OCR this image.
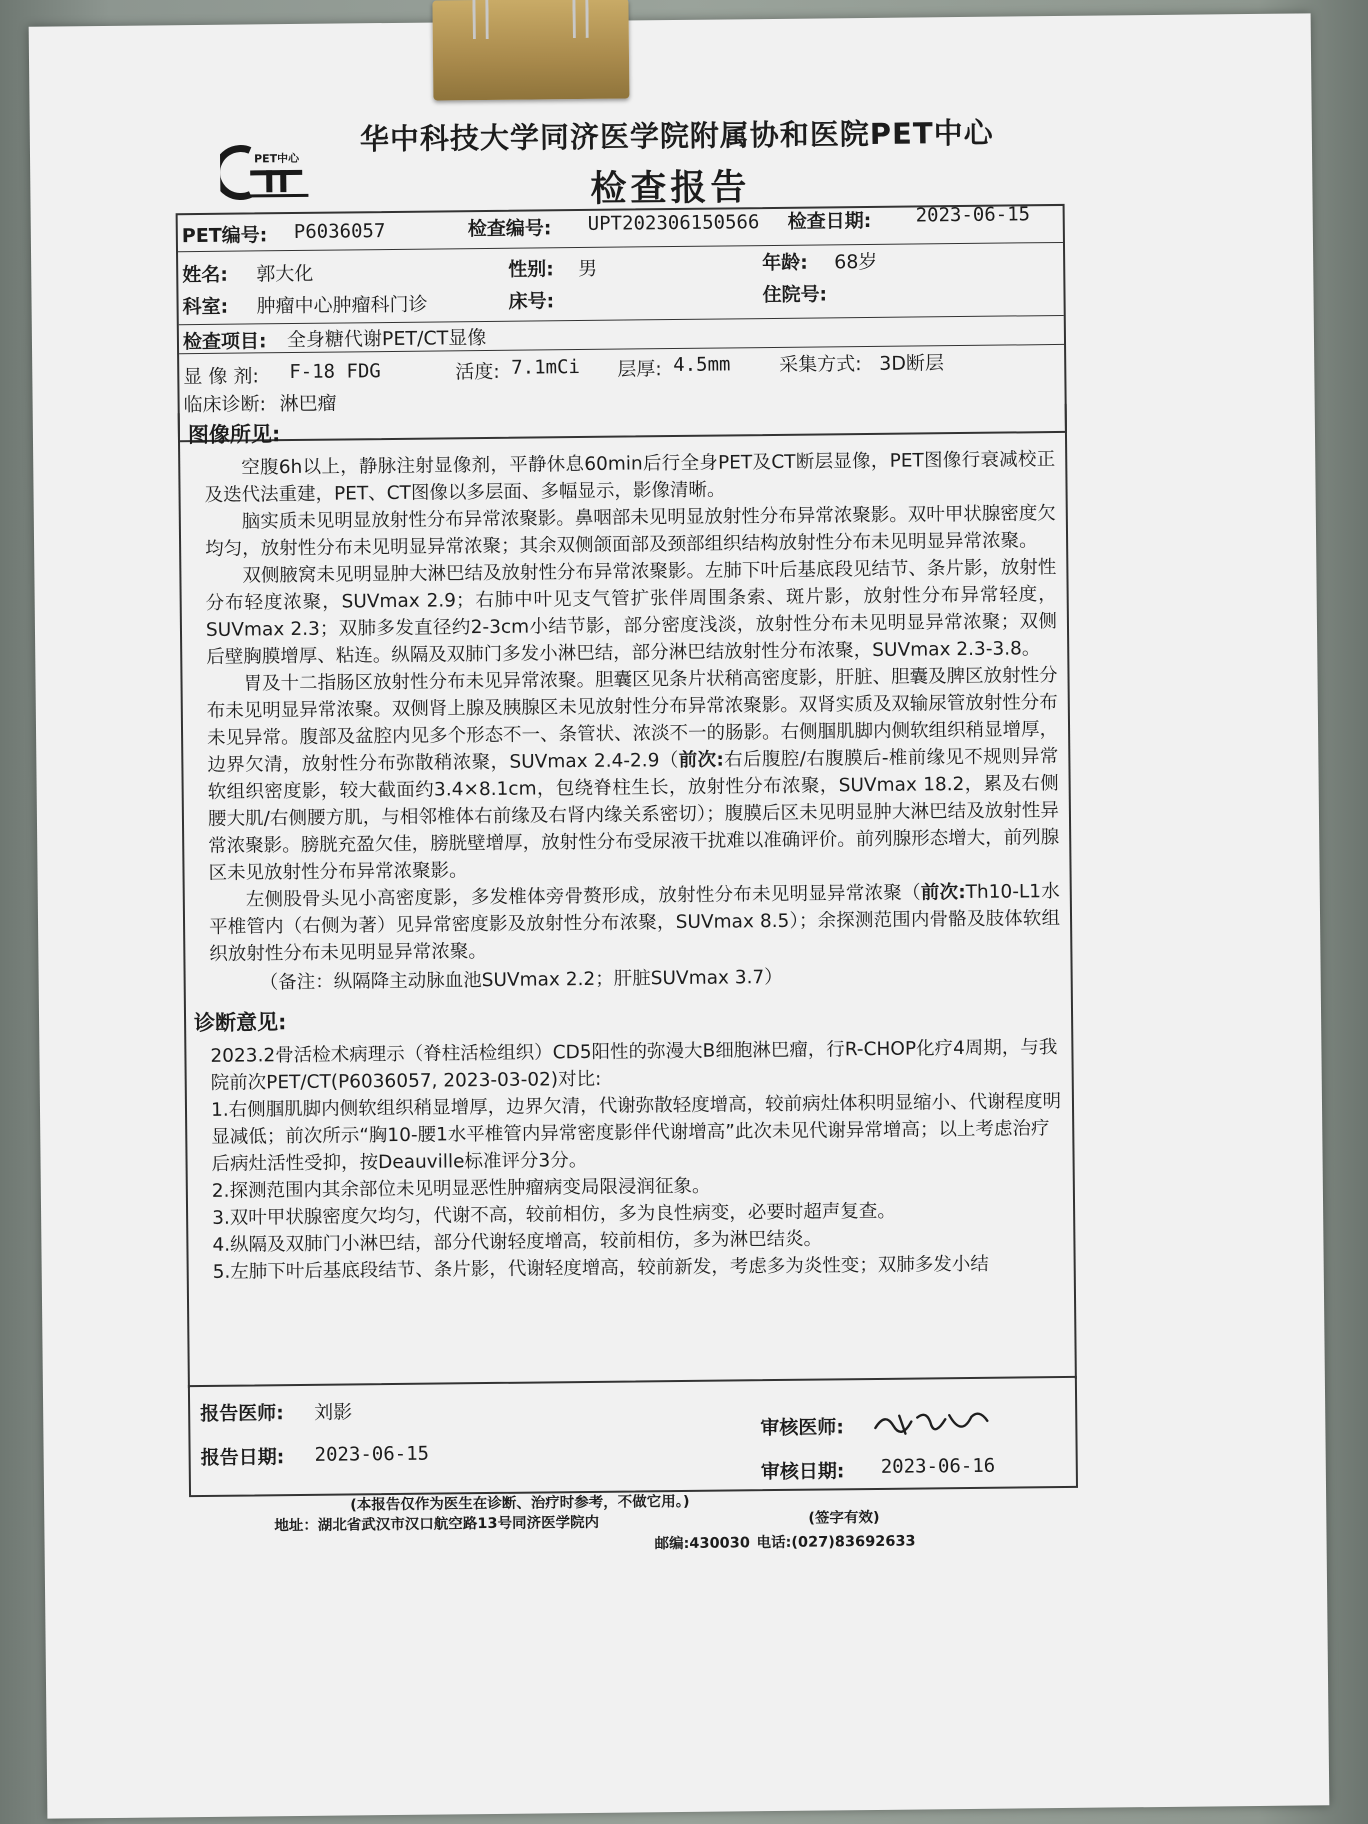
PET中心
华中科技大学同济医学院附属协和医院PET中心
检查报告
PET编号: P6036057	检查编号: UPT202306150566 检查日期: 2023-06-15
姓名: 郭大化	性别: 男	年龄: 68岁
科室: 肿瘤中心肿瘤科门诊	床号:	住院号:
检查项目: 全身糖代谢PET/CT显像
显 像 剂: F-18 FDG	活度: 7.1mCi 层厚: 4.5mm	采集方式: 3D断层
临床诊断: 淋巴瘤
图像所见:

空腹6h以上，静脉注射显像剂，平静休息60min后行全身PET及CT断层显像，PET图像行衰减校正及迭代法重建，PET、CT图像以多层面、多幅显示，影像清晰。

脑实质未见明显放射性分布异常浓聚影。鼻咽部未见明显放射性分布异常浓聚影。双叶甲状腺密度欠均匀，放射性分布未见明显异常浓聚；其余双侧颌面部及颈部组织结构放射性分布未见明显异常浓聚。

双侧腋窝未见明显肿大淋巴结及放射性分布异常浓聚影。左肺下叶后基底段见结节、条片影，放射性分布轻度浓聚，SUVmax 2.9；右肺中叶见支气管扩张伴周围条索、斑片影，放射性分布异常轻度，SUVmax 2.3；双肺多发直径约2-3cm小结节影，部分密度浅淡，放射性分布未见明显异常浓聚；双侧后壁胸膜增厚、粘连。纵隔及双肺门多发小淋巴结，部分淋巴结放射性分布浓聚，SUVmax 2.3-3.8。

胃及十二指肠区放射性分布未见异常浓聚。胆囊区见条片状稍高密度影，肝脏、胆囊及脾区放射性分布未见明显异常浓聚。双侧肾上腺及胰腺区未见放射性分布异常浓聚影。双肾实质及双输尿管放射性分布未见异常。腹部及盆腔内见多个形态不一、条管状、浓淡不一的肠影。右侧腘肌脚内侧软组织稍显增厚，边界欠清，放射性分布弥散稍浓聚，SUVmax 2.4-2.9（前次:右后腹腔/右腹膜后-椎前缘见不规则异常软组织密度影，较大截面约3.4×8.1cm，包绕脊柱生长，放射性分布浓聚，SUVmax 18.2，累及右侧腰大肌/右侧腰方肌，与相邻椎体右前缘及右肾内缘关系密切）；腹膜后区未见明显肿大淋巴结及放射性异常浓聚影。膀胱充盈欠佳，膀胱壁增厚，放射性分布受尿液干扰难以准确评价。前列腺形态增大，前列腺区未见放射性分布异常浓聚影。

左侧股骨头见小高密度影，多发椎体旁骨赘形成，放射性分布未见明显异常浓聚（前次:Th10-L1水平椎管内（右侧为著）见异常密度影及放射性分布浓聚，SUVmax 8.5）；余探测范围内骨骼及肢体软组织放射性分布未见明显异常浓聚。

（备注：纵隔降主动脉血池SUVmax 2.2；肝脏SUVmax 3.7）
诊断意见:
2023.2骨活检术病理示（脊柱活检组织）CD5阳性的弥漫大B细胞淋巴瘤，行R-CHOP化疗4周期，与我院前次PET/CT(P6036057, 2023-03-02)对比:
1.右侧腘肌脚内侧软组织稍显增厚，边界欠清，代谢弥散轻度增高，较前病灶体积明显缩小、代谢程度明显减低；前次所示“胸10-腰1水平椎管内异常密度影伴代谢增高”此次未见代谢异常增高；以上考虑治疗后病灶活性受抑，按Deauville标准评分3分。
2.探测范围内其余部位未见明显恶性肿瘤病变局限浸润征象。
3.双叶甲状腺密度欠均匀，代谢不高，较前相仿，多为良性病变，必要时超声复查。
4.纵隔及双肺门小淋巴结，部分代谢轻度增高，较前相仿，多为淋巴结炎。
5.左肺下叶后基底段结节、条片影，代谢轻度增高，较前新发，考虑多为炎性变；双肺多发小结
报告医师: 刘影
报告日期: 2023-06-15
审核医师:
审核日期: 2023-06-16
(本报告仅作为医生在诊断、治疗时参考，不做它用。)
(签字有效)
地址：湖北省武汉市汉口航空路13号同济医学院内
邮编:430030 电话:(027)83692633
